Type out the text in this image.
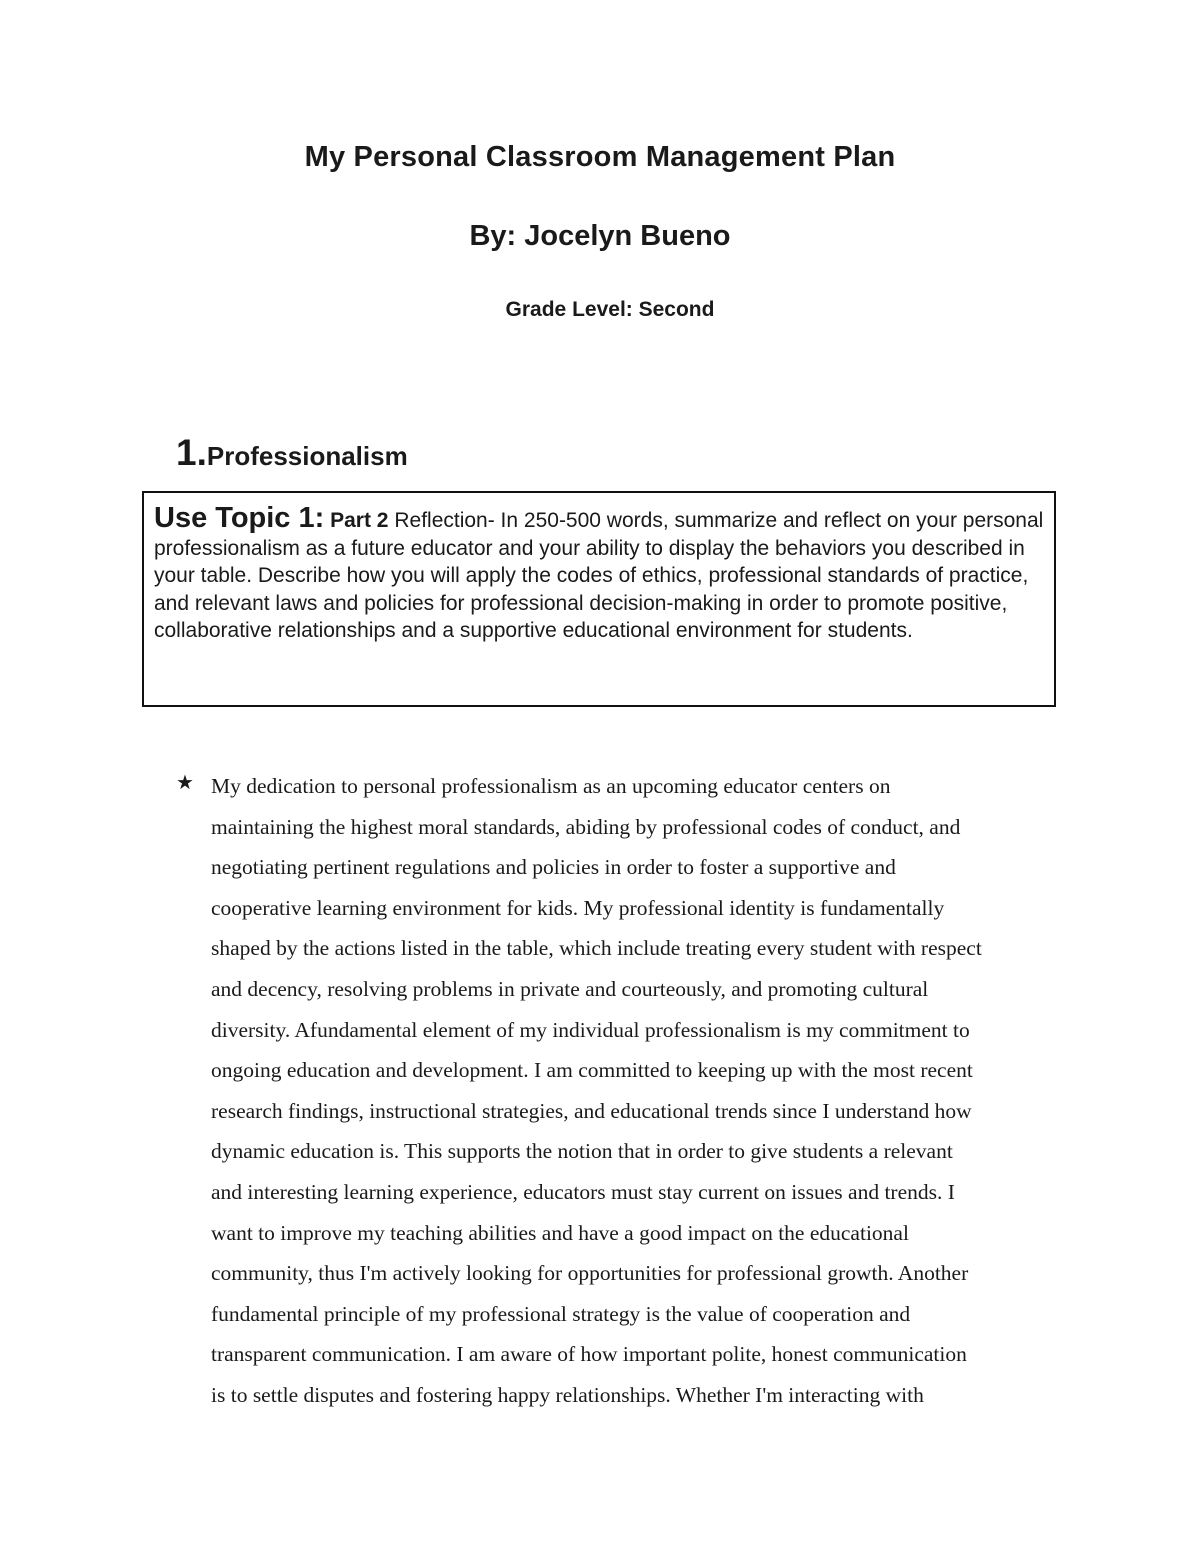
My Personal Classroom Management Plan
By: Jocelyn Bueno
Grade Level: Second
1.Professionalism
Use Topic 1: Part 2 Reflection- In 250-500 words, summarize and reflect on your personal professionalism as a future educator and your ability to display the behaviors you described in your table. Describe how you will apply the codes of ethics, professional standards of practice, and relevant laws and policies for professional decision-making in order to promote positive, collaborative relationships and a supportive educational environment for students.
★ My dedication to personal professionalism as an upcoming educator centers on
maintaining the highest moral standards, abiding by professional codes of conduct, and
negotiating pertinent regulations and policies in order to foster a supportive and
cooperative learning environment for kids. My professional identity is fundamentally
shaped by the actions listed in the table, which include treating every student with respect
and decency, resolving problems in private and courteously, and promoting cultural
diversity. Afundamental element of my individual professionalism is my commitment to
ongoing education and development. I am committed to keeping up with the most recent
research findings, instructional strategies, and educational trends since I understand how
dynamic education is. This supports the notion that in order to give students a relevant
and interesting learning experience, educators must stay current on issues and trends. I
want to improve my teaching abilities and have a good impact on the educational
community, thus I'm actively looking for opportunities for professional growth. Another
fundamental principle of my professional strategy is the value of cooperation and
transparent communication. I am aware of how important polite, honest communication
is to settle disputes and fostering happy relationships. Whether I'm interacting with
